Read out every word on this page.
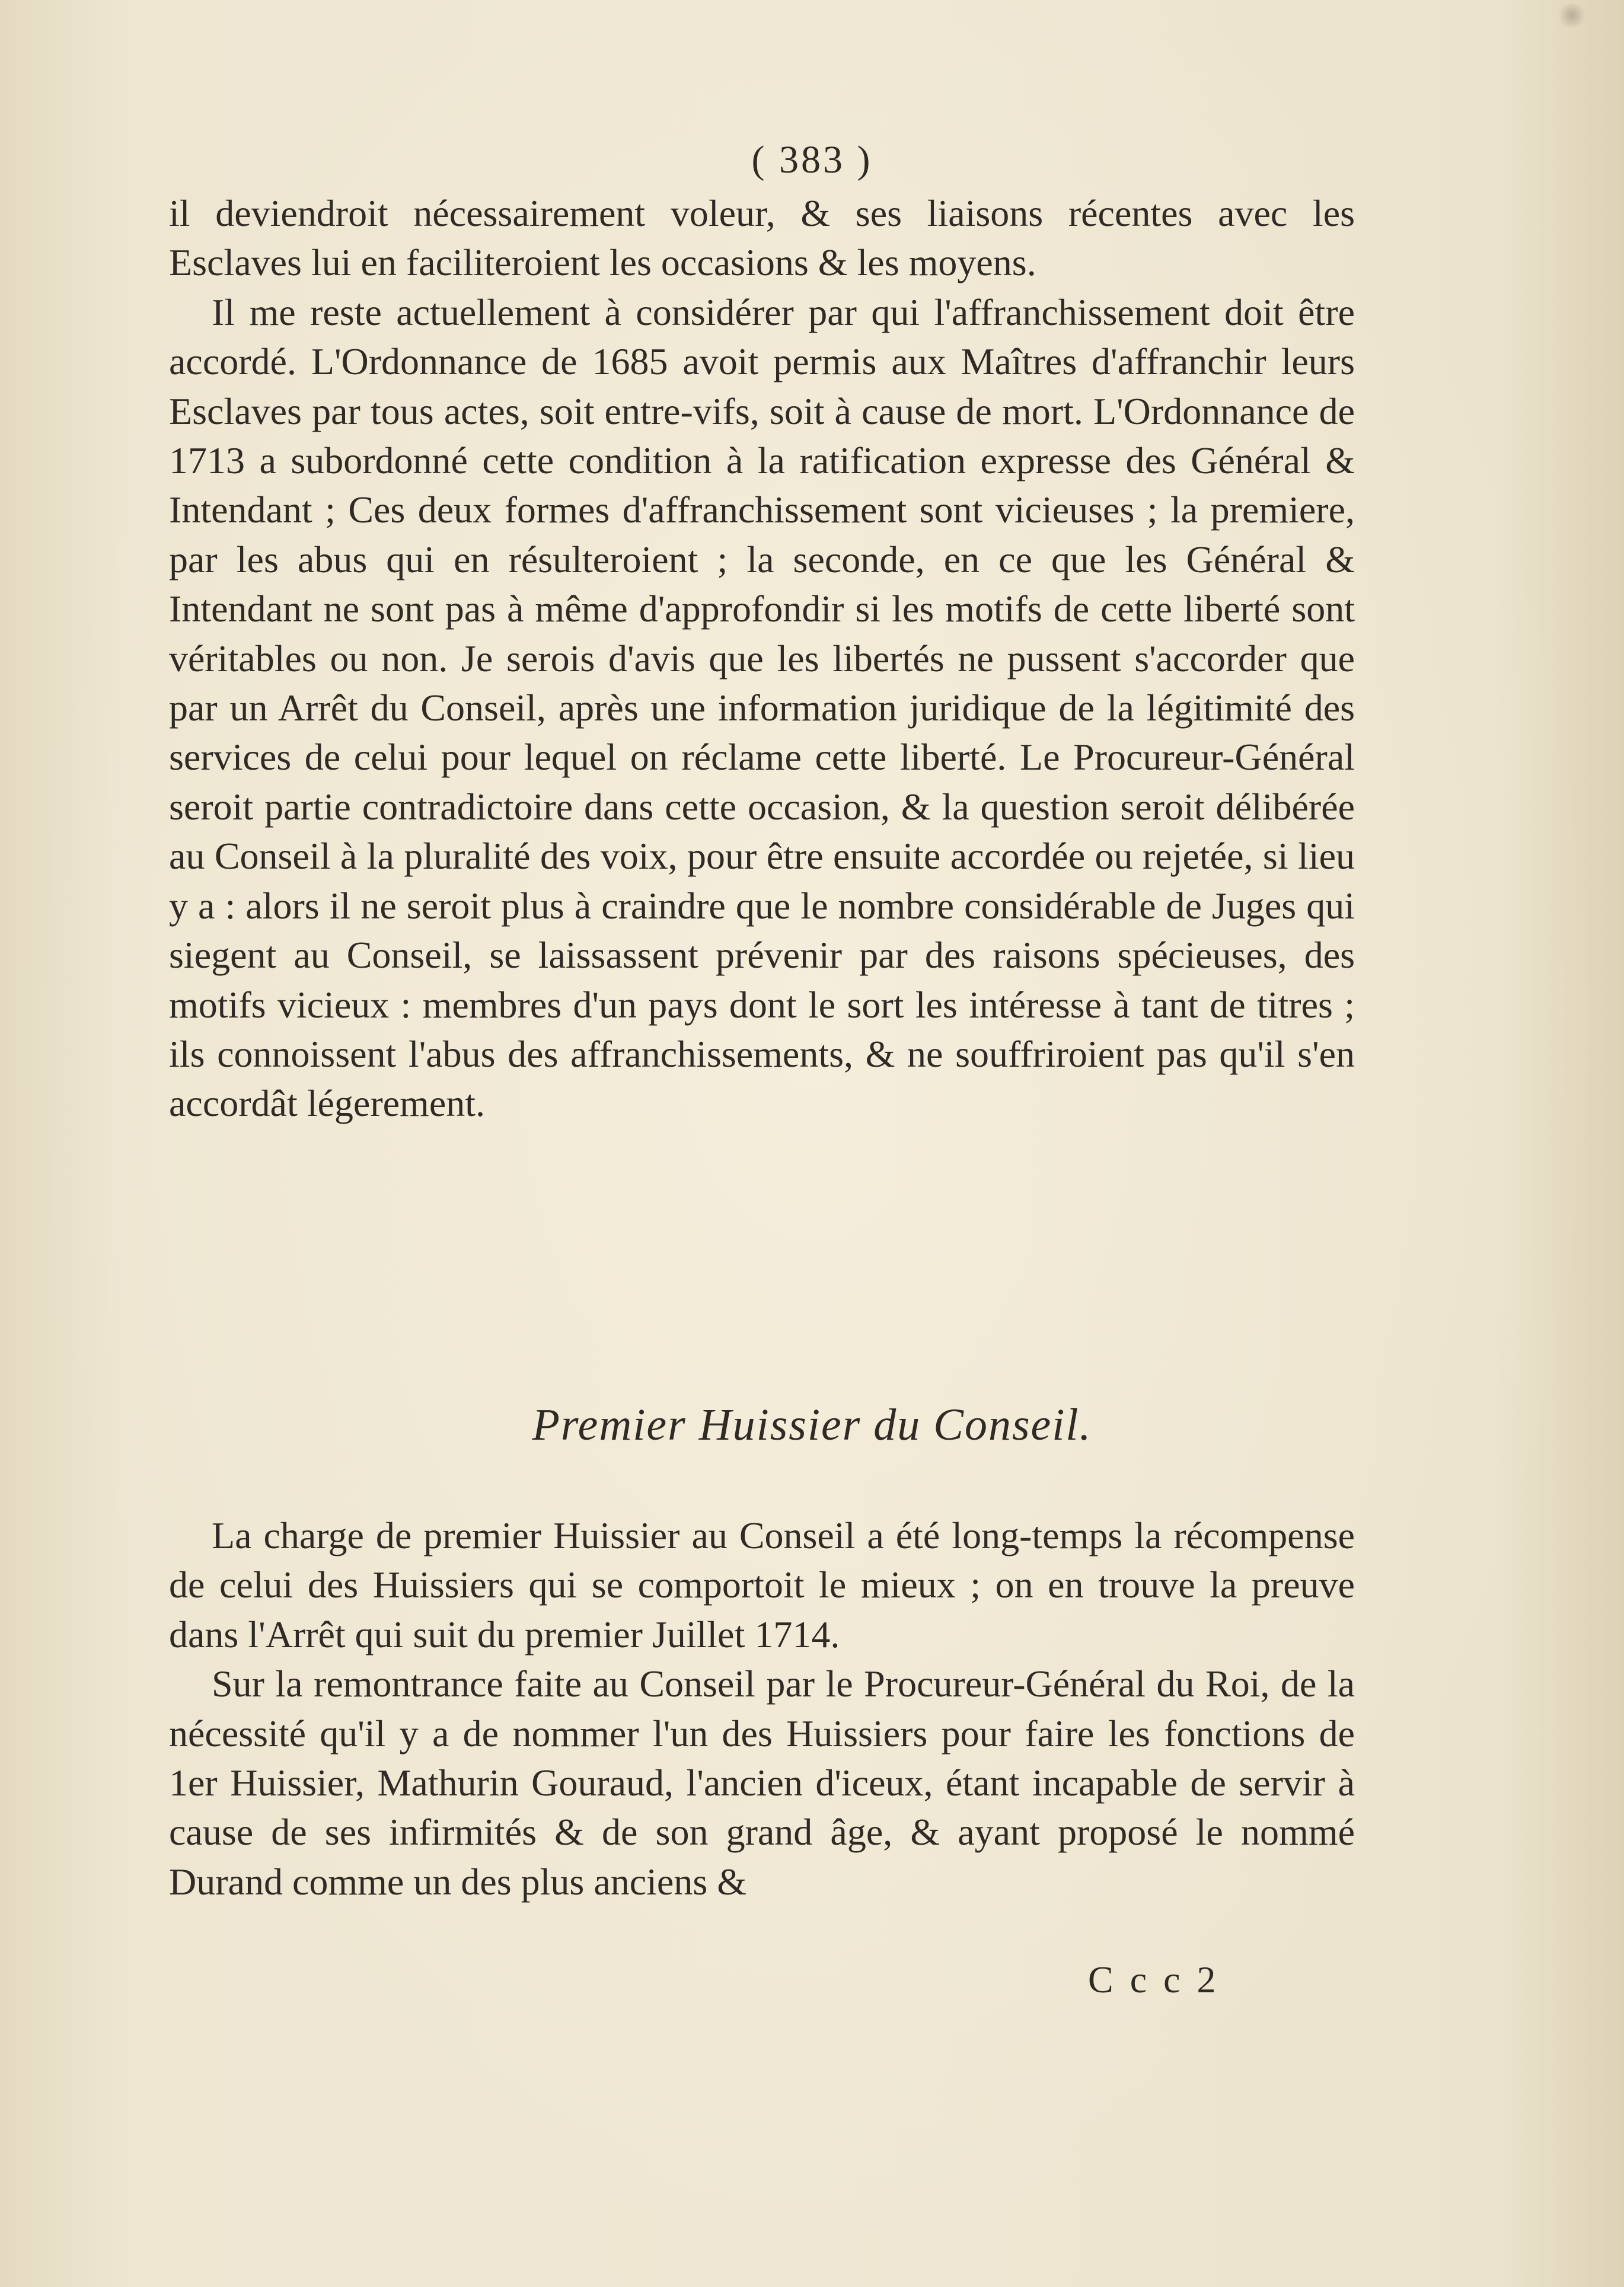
( 383 )

il deviendroit nécessairement voleur, & ses liaisons récentes avec les Esclaves lui en faciliteroient les occasions & les moyens.

Il me reste actuellement à considérer par qui l'affranchissement doit être accordé. L'Ordonnance de 1685 avoit permis aux Maîtres d'affranchir leurs Esclaves par tous actes, soit entre-vifs, soit à cause de mort. L'Ordonnance de 1713 a subordonné cette condition à la ratification expresse des Général & Intendant ; Ces deux formes d'affranchissement sont vicieuses ; la premiere, par les abus qui en résulteroient ; la seconde, en ce que les Général & Intendant ne sont pas à même d'approfondir si les motifs de cette liberté sont véritables ou non. Je serois d'avis que les libertés ne pussent s'accorder que par un Arrêt du Conseil, après une information juridique de la légitimité des services de celui pour lequel on réclame cette liberté. Le Procureur-Général seroit partie contradictoire dans cette occasion, & la question seroit délibérée au Conseil à la pluralité des voix, pour être ensuite accordée ou rejetée, si lieu y a : alors il ne seroit plus à craindre que le nombre considérable de Juges qui siegent au Conseil, se laissassent prévenir par des raisons spécieuses, des motifs vicieux : membres d'un pays dont le sort les intéresse à tant de titres ; ils connoissent l'abus des affranchissements, & ne souffriroient pas qu'il s'en accordât légerement.

Premier Huissier du Conseil.

La charge de premier Huissier au Conseil a été long-temps la récompense de celui des Huissiers qui se comportoit le mieux ; on en trouve la preuve dans l'Arrêt qui suit du premier Juillet 1714.

Sur la remontrance faite au Conseil par le Procureur-Général du Roi, de la nécessité qu'il y a de nommer l'un des Huissiers pour faire les fonctions de 1er Huissier, Mathurin Gouraud, l'ancien d'iceux, étant incapable de servir à cause de ses infirmités & de son grand âge, & ayant proposé le nommé Durand comme un des plus anciens &

C c c 2
